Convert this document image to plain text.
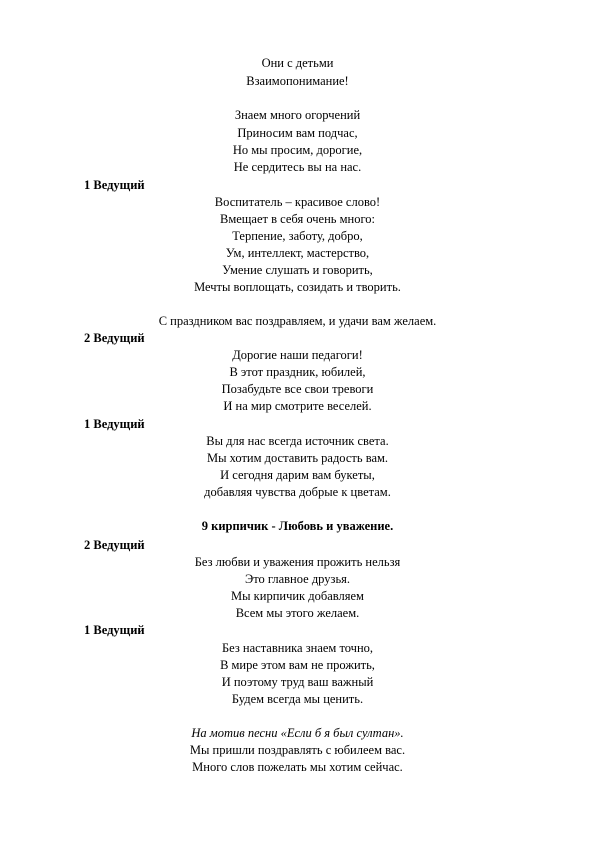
Они с детьми
Взаимопонимание!
Знаем много огорчений
Приносим вам подчас,
Но мы просим, дорогие,
Не сердитесь вы на нас.
1 Ведущий
Воспитатель – красивое слово!
Вмещает в себя очень много:
Терпение, заботу, добро,
Ум, интеллект, мастерство,
Умение слушать и говорить,
Мечты воплощать, созидать и творить.
С праздником вас поздравляем, и удачи вам желаем.
2 Ведущий
Дорогие наши педагоги!
В этот праздник, юбилей,
Позабудьте все свои тревоги
И на мир смотрите веселей.
1 Ведущий
Вы для нас всегда источник света.
Мы хотим доставить радость вам.
И сегодня дарим вам букеты,
добавляя чувства добрые к цветам.
9 кирпичик - Любовь и уважение.
2 Ведущий
Без любви и уважения прожить нельзя
Это главное друзья.
Мы кирпичик добавляем
Всем мы этого желаем.
1 Ведущий
Без наставника знаем точно,
В мире этом вам не прожить,
И поэтому труд ваш важный
Будем всегда мы ценить.
На мотив песни «Если б я был султан».
Мы пришли поздравлять с юбилеем вас.
Много слов пожелать мы хотим сейчас.
